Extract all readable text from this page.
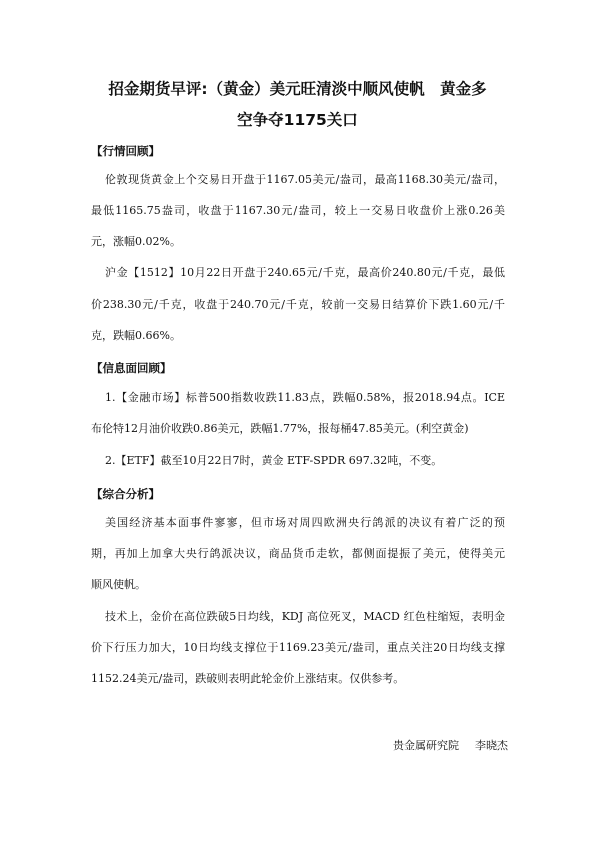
招金期货早评:（黄金）美元旺清淡中顺风使帆　黄金多
空争夺1175关口
【行情回顾】
伦敦现货黄金上个交易日开盘于1167.05美元/盎司，最高1168.30美元/盎司，
最低1165.75盎司，收盘于1167.30元/盎司，较上一交易日收盘价上涨0.26美
元，涨幅0.02%。
沪金【1512】10月22日开盘于240.65元/千克，最高价240.80元/千克，最低
价238.30元/千克，收盘于240.70元/千克，较前一交易日结算价下跌1.60元/千
克，跌幅0.66%。
【信息面回顾】
1.【金融市场】标普500指数收跌11.83点，跌幅0.58%，报2018.94点。ICE
布伦特12月油价收跌0.86美元，跌幅1.77%，报每桶47.85美元。(利空黄金)
2.【ETF】截至10月22日7时，黄金 ETF-SPDR 697.32吨，不变。
【综合分析】
美国经济基本面事件寥寥，但市场对周四欧洲央行鸽派的决议有着广泛的预
期，再加上加拿大央行鸽派决议，商品货币走软，都侧面提振了美元，使得美元
顺风使帆。
技术上，金价在高位跌破5日均线，KDJ 高位死叉，MACD 红色柱缩短，表明金
价下行压力加大，10日均线支撑位于1169.23美元/盎司，重点关注20日均线支撑
1152.24美元/盎司，跌破则表明此轮金价上涨结束。仅供参考。
贵金属研究院 李晓杰
